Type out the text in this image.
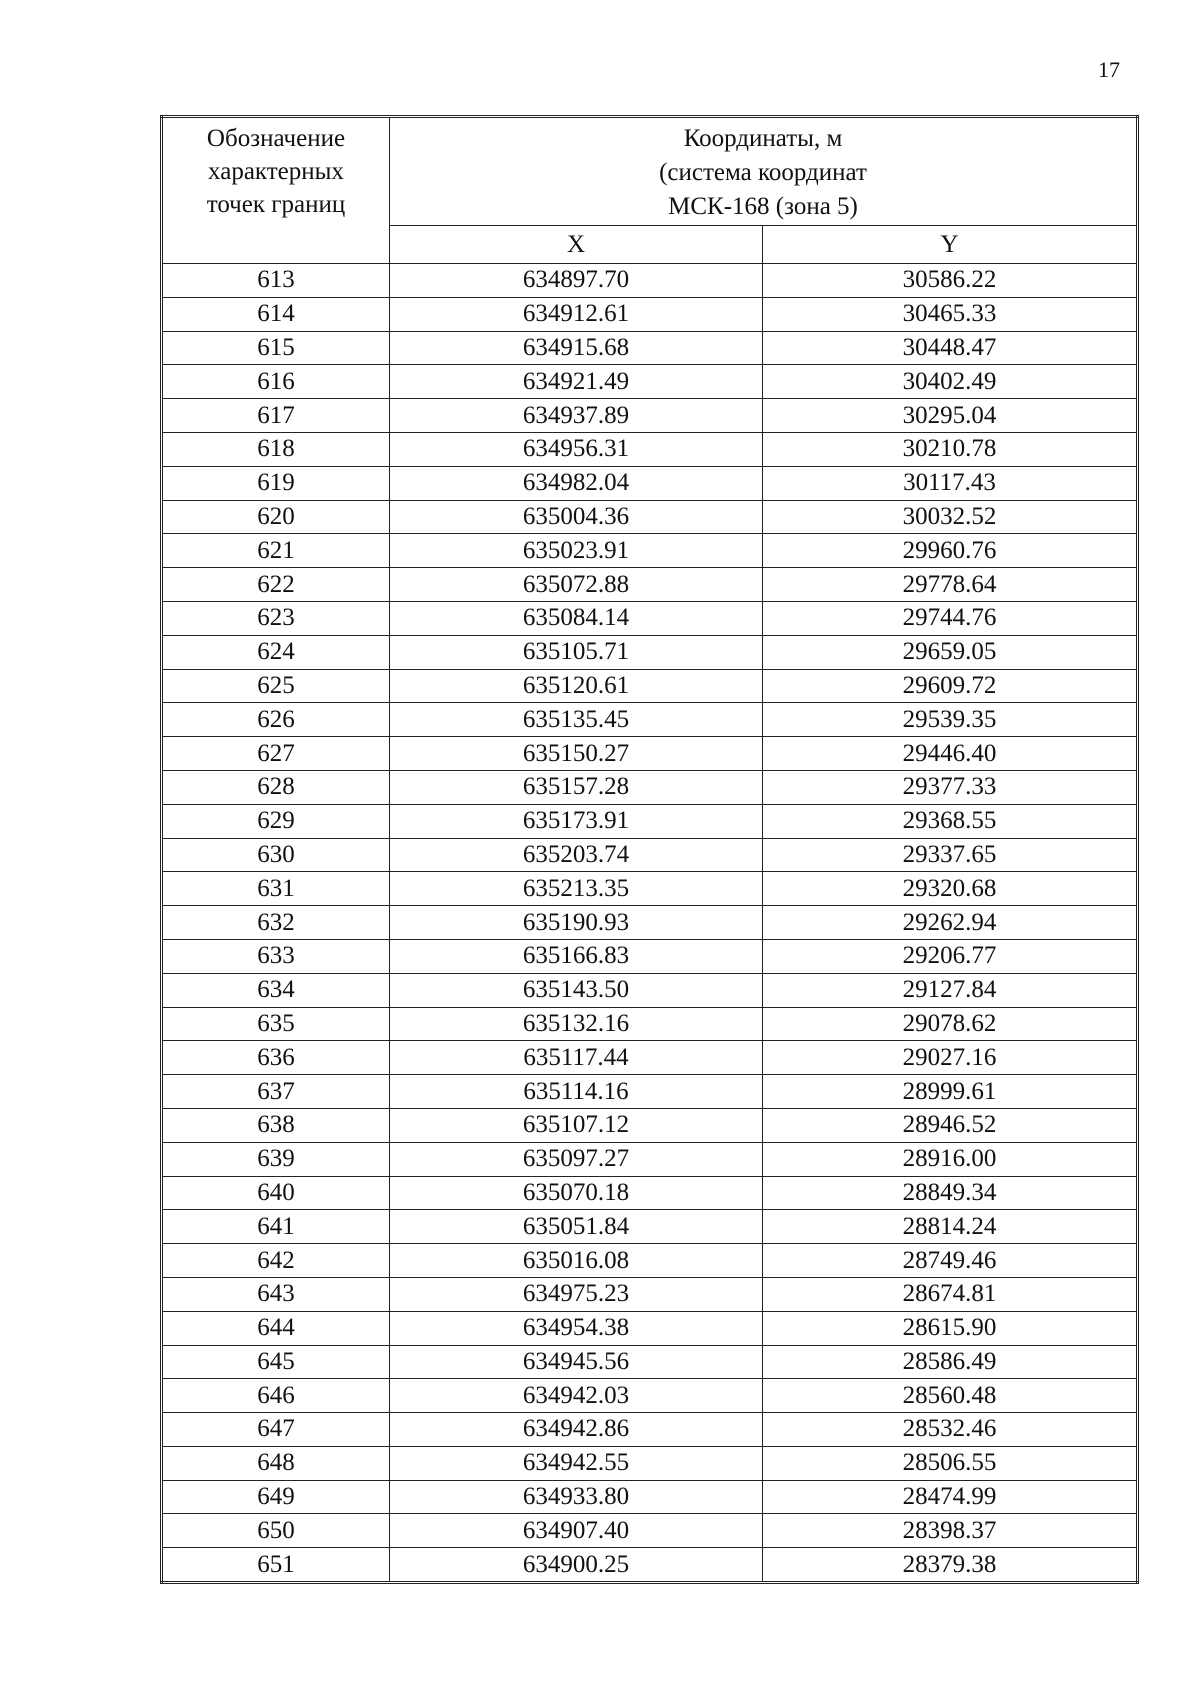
17
Обозначение
характерных
точек границ	Координаты, м
(система координат
МСК-168 (зона 5)	

	X	Y
613	634897.70	30586.22
614	634912.61	30465.33
615	634915.68	30448.47
616	634921.49	30402.49
617	634937.89	30295.04
618	634956.31	30210.78
619	634982.04	30117.43
620	635004.36	30032.52
621	635023.91	29960.76
622	635072.88	29778.64
623	635084.14	29744.76
624	635105.71	29659.05
625	635120.61	29609.72
626	635135.45	29539.35
627	635150.27	29446.40
628	635157.28	29377.33
629	635173.91	29368.55
630	635203.74	29337.65
631	635213.35	29320.68
632	635190.93	29262.94
633	635166.83	29206.77
634	635143.50	29127.84
635	635132.16	29078.62
636	635117.44	29027.16
637	635114.16	28999.61
638	635107.12	28946.52
639	635097.27	28916.00
640	635070.18	28849.34
641	635051.84	28814.24
642	635016.08	28749.46
643	634975.23	28674.81
644	634954.38	28615.90
645	634945.56	28586.49
646	634942.03	28560.48
647	634942.86	28532.46
648	634942.55	28506.55
649	634933.80	28474.99
650	634907.40	28398.37
651	634900.25	28379.38
